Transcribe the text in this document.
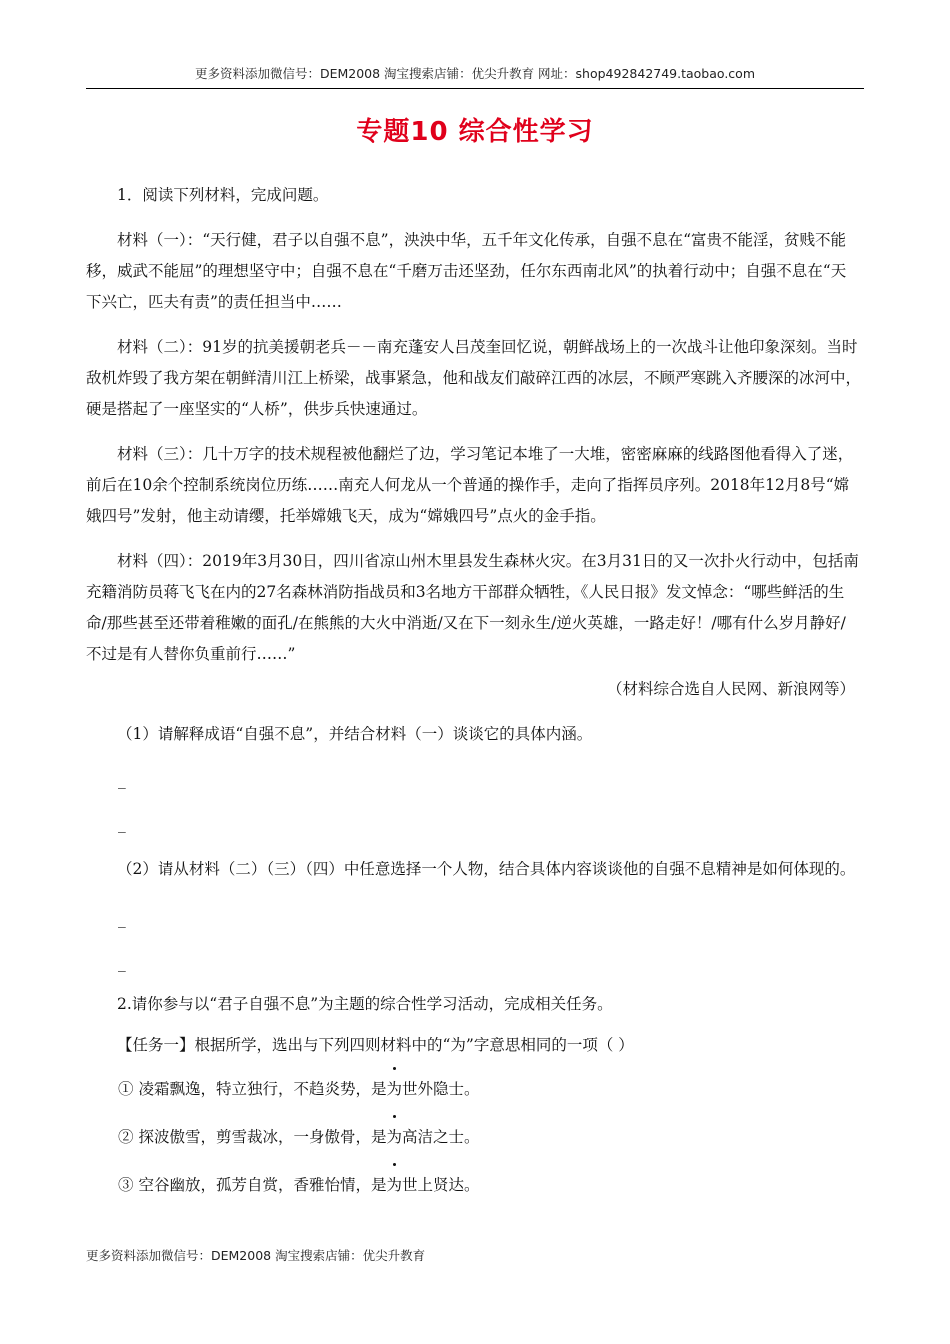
更多资料添加微信号：DEM2008 淘宝搜索店铺：优尖升教育 网址：shop492842749.taobao.com
专题10 综合性学习

1．阅读下列材料，完成问题。

材料（一）：“天行健，君子以自强不息”，泱泱中华，五千年文化传承，自强不息在“富贵不能淫，贫贱不能移，威武不能屈”的理想坚守中；自强不息在“千磨万击还坚劲，任尔东西南北风”的执着行动中；自强不息在“天下兴亡，匹夫有责”的责任担当中……

材料（二）：91岁的抗美援朝老兵－－南充蓬安人吕茂奎回忆说，朝鲜战场上的一次战斗让他印象深刻。当时敌机炸毁了我方架在朝鲜清川江上桥梁，战事紧急，他和战友们敲碎江西的冰层，不顾严寒跳入齐腰深的冰河中，硬是搭起了一座坚实的“人桥”，供步兵快速通过。

材料（三）：几十万字的技术规程被他翻烂了边，学习笔记本堆了一大堆，密密麻麻的线路图他看得入了迷，前后在10余个控制系统岗位历练……南充人何龙从一个普通的操作手，走向了指挥员序列。2018年12月8号“嫦娥四号”发射，他主动请缨，托举嫦娥飞天，成为“嫦娥四号”点火的金手指。

材料（四）：2019年3月30日，四川省凉山州木里县发生森林火灾。在3月31日的又一次扑火行动中，包括南充籍消防员蒋飞飞在内的27名森林消防指战员和3名地方干部群众牺牲，《人民日报》发文悼念：“哪些鲜活的生命/那些甚至还带着稚嫩的面孔/在熊熊的大火中消逝/又在下一刻永生/逆火英雄，一路走好！/哪有什么岁月静好/不过是有人替你负重前行……”

（材料综合选自人民网、新浪网等）

（1）请解释成语“自强不息”，并结合材料（一）谈谈它的具体内涵。

_
_

（2）请从材料（二）（三）（四）中任意选择一个人物，结合具体内容谈谈他的自强不息精神是如何体现的。

_
_

2.请你参与以“君子自强不息”为主题的综合性学习活动，完成相关任务。

【任务一】根据所学，选出与下列四则材料中的“为”字意思相同的一项（ ）

① 凌霜飘逸，特立独行，不趋炎势，是为世外隐士。
② 探波傲雪，剪雪裁冰，一身傲骨，是为高洁之士。
③ 空谷幽放，孤芳自赏，香雅怡情，是为世上贤达。
更多资料添加微信号：DEM2008 淘宝搜索店铺：优尖升教育
